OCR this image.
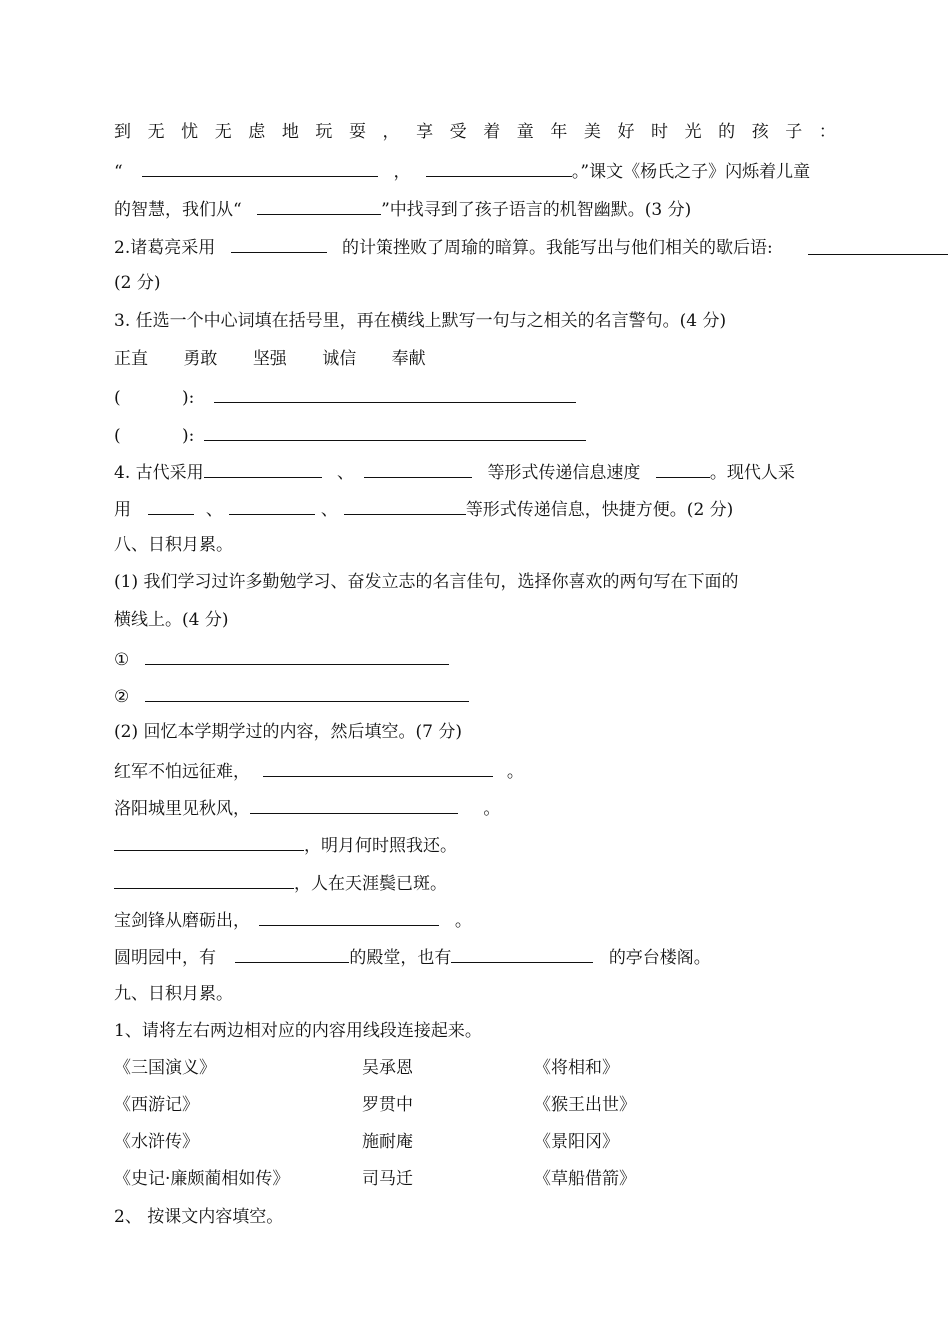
到 无 忧 无 虑 地 玩 耍 ， 享 受 着 童 年 美 好 时 光 的 孩 子 ：
“	，	。”课文《杨氏之子》闪烁着儿童
的智慧，我们从“	”中找寻到了孩子语言的机智幽默。(3 分)
2.诸葛亮采用	的计策挫败了周瑜的暗算。我能写出与他们相关的歇后语:
(2 分)
3. 任选一个中心词填在括号里，再在横线上默写一句与之相关的名言警句。(4 分)
正直 勇敢 坚强 诚信 奉献
(	):
(	):
4. 古代采用	、	等形式传递信息速度	。现代人采
用	、	、	等形式传递信息，快捷方便。(2 分)
八、日积月累。
(1) 我们学习过许多勤勉学习、奋发立志的名言佳句，选择你喜欢的两句写在下面的
横线上。(4 分)
①
②
(2) 回忆本学期学过的内容，然后填空。(7 分)
红军不怕远征难，	。
洛阳城里见秋风，	。
，明月何时照我还。
，人在天涯鬓已斑。
宝剑锋从磨砺出，	。
圆明园中，有	的殿堂，也有	的亭台楼阁。
九、日积月累。
1、请将左右两边相对应的内容用线段连接起来。
《三国演义》	吴承恩	《将相和》
《西游记》	罗贯中	《猴王出世》
《水浒传》	施耐庵	《景阳冈》
《史记·廉颇蔺相如传》	司马迁	《草船借箭》
2、 按课文内容填空。
